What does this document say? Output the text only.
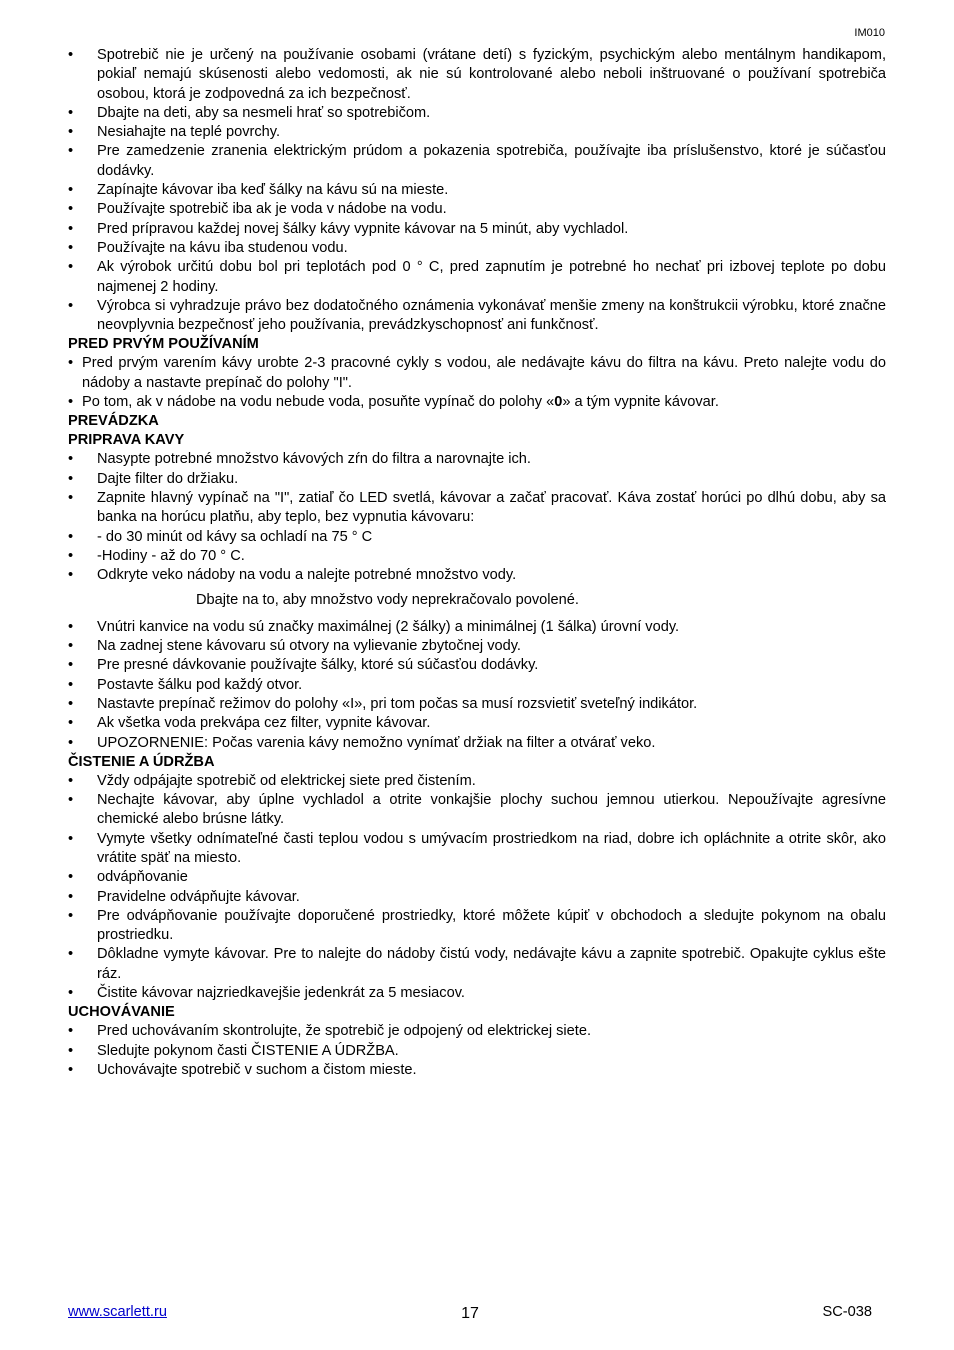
IM010
• Spotrebič nie je určený na používanie osobami (vrátane detí) s fyzickým, psychickým alebo mentálnym handikapom, pokiaľ nemajú skúsenosti alebo vedomosti, ak nie sú kontrolované alebo neboli inštruované o používaní spotrebiča osobou, ktorá je zodpovedná za ich bezpečnosť.
• Dbajte na deti, aby sa nesmeli hrať so spotrebičom.
• Nesiahajte na teplé povrchy.
• Pre zamedzenie zranenia elektrickým prúdom a pokazenia spotrebiča, používajte iba príslušenstvo, ktoré je súčasťou dodávky.
• Zapínajte kávovar iba keď šálky na kávu sú na mieste.
• Používajte spotrebič iba ak je voda v nádobe na vodu.
• Pred prípravou každej novej šálky kávy vypnite kávovar na 5 minút, aby vychladol.
• Používajte na kávu iba studenou vodu.
• Ak výrobok určitú dobu bol pri teplotách pod 0 ° C, pred zapnutím je potrebné ho nechať pri izbovej teplote po dobu najmenej 2 hodiny.
• Výrobca si vyhradzuje právo bez dodatočného oznámenia vykonávať menšie zmeny na konštrukcii výrobku, ktoré značne neovplyvnia bezpečnosť jeho používania, prevádzkyschopnosť ani funkčnosť.
PRED PRVÝM POUŽÍVANÍM
• Pred prvým varením kávy urobte 2-3 pracovné cykly s vodou, ale nedávajte kávu do filtra na kávu. Preto nalejte vodu do nádoby a nastavte prepínač do polohy "I".
• Po tom, ak v nádobe na vodu nebude voda, posuňte vypínač do polohy «0» a tým vypnite kávovar.
PREVÁDZKA
PRIPRAVA KAVY
• Nasypte potrebné množstvo kávových zŕn do filtra a narovnajte ich.
• Dajte filter do držiaku.
• Zapnite hlavný vypínač na "I", zatiaľ čo LED svetlá, kávovar a začať pracovať. Káva zostať horúci po dlhú dobu, aby sa banka na horúcu platňu, aby teplo, bez vypnutia kávovaru:
• - do 30 minút od kávy sa ochladí na 75 ° C
• -Hodiny - až do 70 ° C.
• Odkryte veko nádoby na vodu a nalejte potrebné množstvo vody.
Dbajte na to, aby množstvo vody neprekračovalo povolené.
• Vnútri kanvice na vodu sú značky maximálnej (2 šálky) a minimálnej (1 šálka) úrovní vody.
• Na zadnej stene kávovaru sú otvory na vylievanie zbytočnej vody.
• Pre presné dávkovanie používajte šálky, ktoré sú súčasťou dodávky.
• Postavte šálku pod každý otvor.
• Nastavte prepínač režimov do polohy «I», pri tom počas sa musí rozsvietiť sveteľný indikátor.
• Ak všetka voda prekvápa cez filter, vypnite kávovar.
• UPOZORNENIE: Počas varenia kávy nemožno vynímať držiak na filter a otvárať veko.
ČISTENIE A ÚDRŽBA
• Vždy odpájajte spotrebič od elektrickej siete pred čistením.
• Nechajte kávovar, aby úplne vychladol a otrite vonkajšie plochy suchou jemnou utierkou. Nepoužívajte agresívne chemické alebo brúsne látky.
• Vymyte všetky odnímateľné časti teplou vodou s umývacím prostriedkom na riad, dobre ich opláchnite a otrite skôr, ako vrátite späť na miesto.
• odvápňovanie
• Pravidelne odvápňujte kávovar.
• Pre odvápňovanie používajte doporučené prostriedky, ktoré môžete kúpiť v obchodoch a sledujte pokynom na obalu prostriedku.
• Dôkladne vymyte kávovar. Pre to nalejte do nádoby čistú vody, nedávajte kávu a zapnite spotrebič. Opakujte cyklus ešte ráz.
• Čistite kávovar najzriedkavejšie jedenkrát za 5 mesiacov.
UCHOVÁVANIE
• Pred uchovávaním skontrolujte, že spotrebič je odpojený od elektrickej siete.
• Sledujte pokynom časti ČISTENIE A ÚDRŽBA.
• Uchovávajte spotrebič v suchom a čistom mieste.
www.scarlett.ru	17	SC-038
